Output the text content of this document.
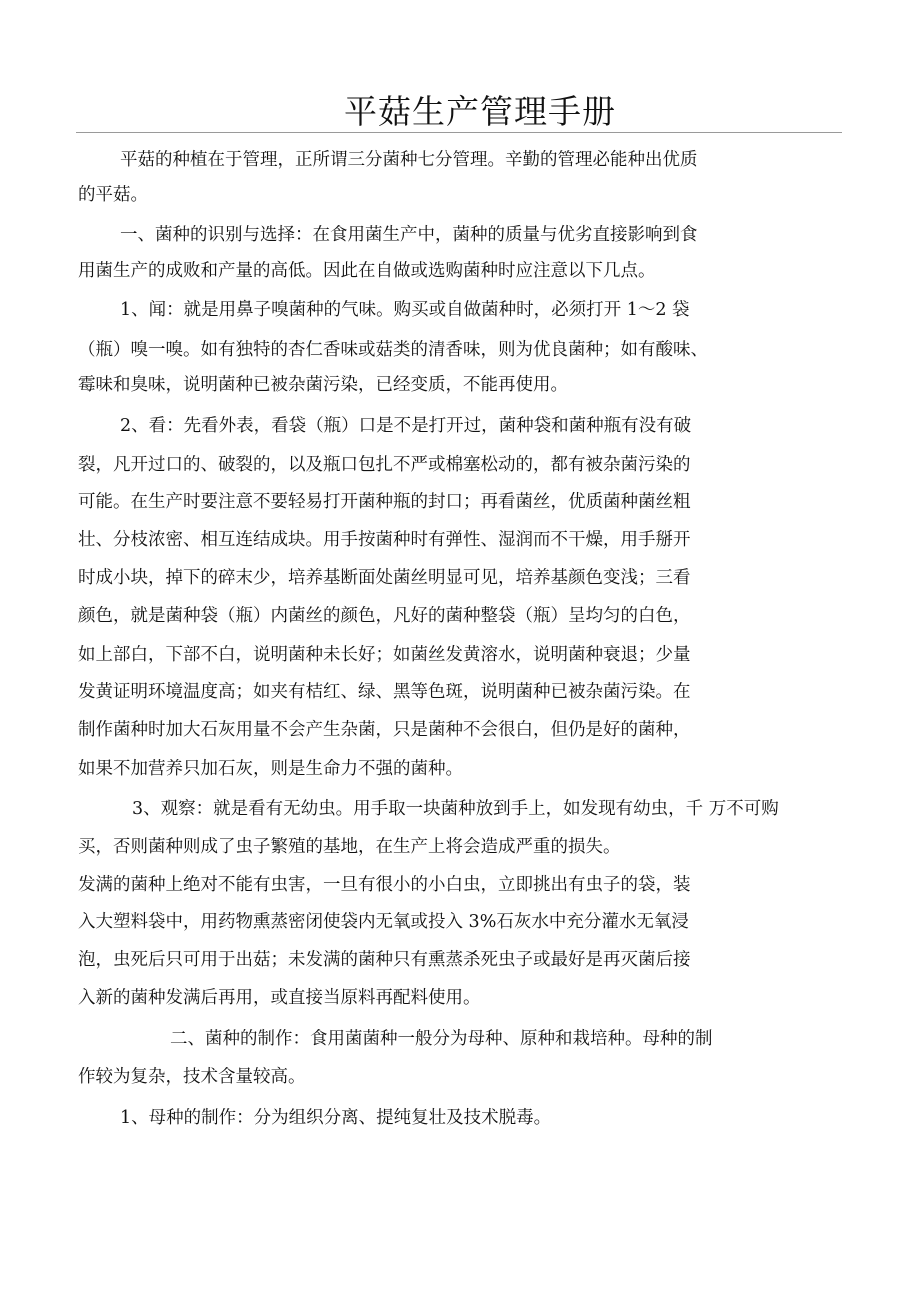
平菇生产管理手册
平菇的种植在于管理，正所谓三分菌种七分管理。辛勤的管理必能种出优质
的平菇。
一、菌种的识别与选择：在食用菌生产中，菌种的质量与优劣直接影响到食
用菌生产的成败和产量的高低。因此在自做或选购菌种时应注意以下几点。
1、闻：就是用鼻子嗅菌种的气味。购买或自做菌种时，必须打开 1〜2 袋
（瓶）嗅一嗅。如有独特的杏仁香味或菇类的清香味，则为优良菌种；如有酸味、
霉味和臭味，说明菌种已被杂菌污染，已经变质，不能再使用。
2、看：先看外表，看袋（瓶）口是不是打开过，菌种袋和菌种瓶有没有破
裂，凡开过口的、破裂的，以及瓶口包扎不严或棉塞松动的，都有被杂菌污染的
可能。在生产时要注意不要轻易打开菌种瓶的封口；再看菌丝，优质菌种菌丝粗
壮、分枝浓密、相互连结成块。用手按菌种时有弹性、湿润而不干燥，用手掰开
时成小块，掉下的碎末少，培养基断面处菌丝明显可见，培养基颜色变浅；三看
颜色，就是菌种袋（瓶）内菌丝的颜色，凡好的菌种整袋（瓶）呈均匀的白色，
如上部白，下部不白，说明菌种未长好；如菌丝发黄溶水，说明菌种衰退；少量
发黄证明环境温度高；如夹有桔红、绿、黑等色斑，说明菌种已被杂菌污染。在
制作菌种时加大石灰用量不会产生杂菌，只是菌种不会很白，但仍是好的菌种，
如果不加营养只加石灰，则是生命力不强的菌种。
3、观察：就是看有无幼虫。用手取一块菌种放到手上，如发现有幼虫，千 万不可购
买，否则菌种则成了虫子繁殖的基地，在生产上将会造成严重的损失。
发满的菌种上绝对不能有虫害，一旦有很小的小白虫，立即挑出有虫子的袋，装
入大塑料袋中，用药物熏蒸密闭使袋内无氧或投入 3%石灰水中充分灌水无氧浸
泡，虫死后只可用于出菇；未发满的菌种只有熏蒸杀死虫子或最好是再灭菌后接
入新的菌种发满后再用，或直接当原料再配料使用。
二、菌种的制作：食用菌菌种一般分为母种、原种和栽培种。母种的制
作较为复杂，技术含量较高。
1、母种的制作：分为组织分离、提纯复壮及技术脱毒。
